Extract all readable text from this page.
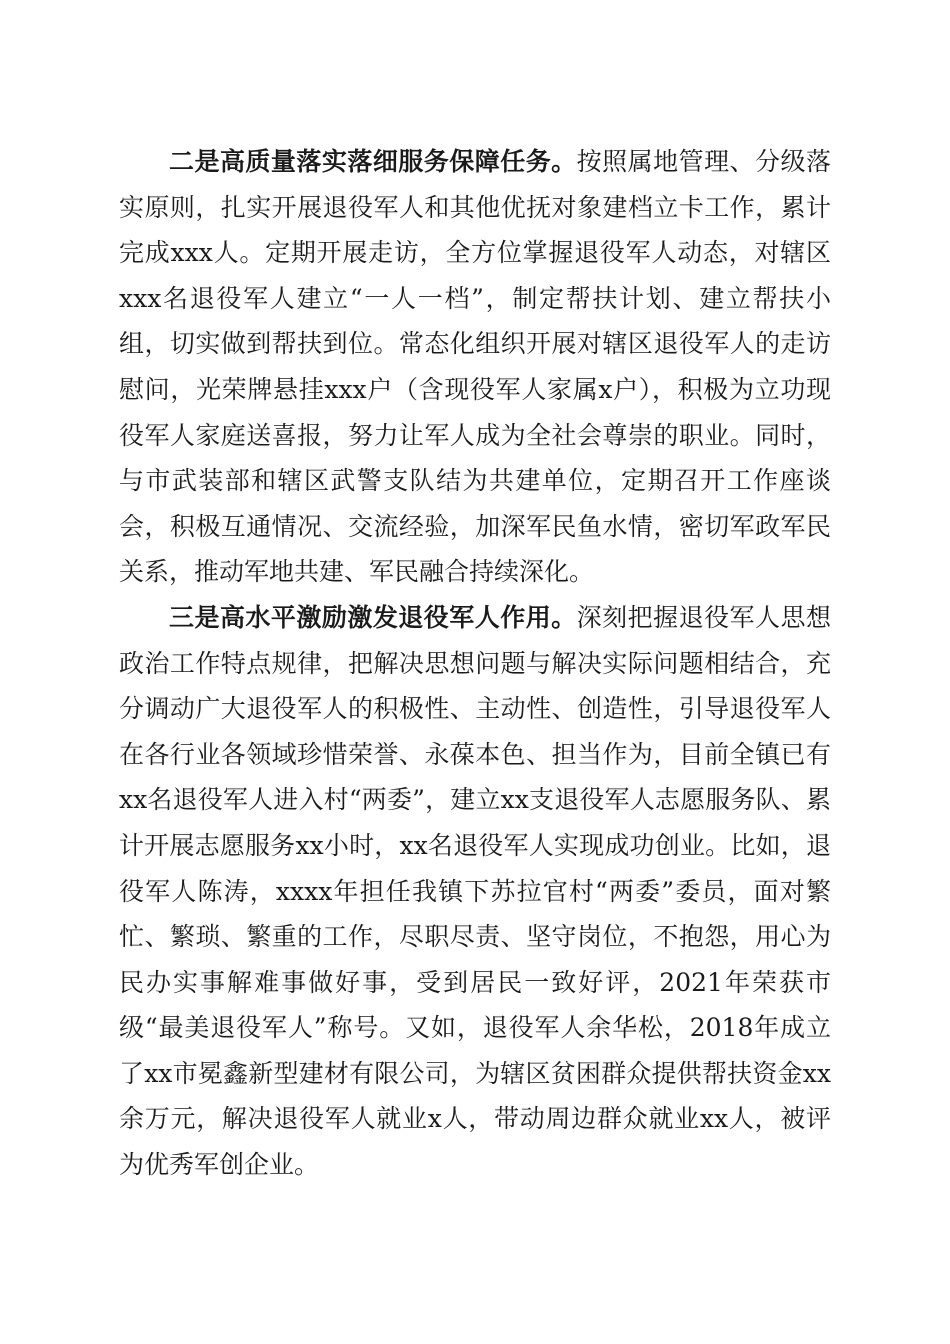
二是高质量落实落细服务保障任务。按照属地管理、分级落实原则，扎实开展退役军人和其他优抚对象建档立卡工作，累计完成xxx人。定期开展走访，全方位掌握退役军人动态，对辖区xxx名退役军人建立“一人一档”，制定帮扶计划、建立帮扶小组，切实做到帮扶到位。常态化组织开展对辖区退役军人的走访慰问，光荣牌悬挂xxx户（含现役军人家属x户），积极为立功现役军人家庭送喜报，努力让军人成为全社会尊崇的职业。同时，与市武装部和辖区武警支队结为共建单位，定期召开工作座谈会，积极互通情况、交流经验，加深军民鱼水情，密切军政军民关系，推动军地共建、军民融合持续深化。

三是高水平激励激发退役军人作用。深刻把握退役军人思想政治工作特点规律，把解决思想问题与解决实际问题相结合，充分调动广大退役军人的积极性、主动性、创造性，引导退役军人在各行业各领域珍惜荣誉、永葆本色、担当作为，目前全镇已有xx名退役军人进入村“两委”，建立xx支退役军人志愿服务队、累计开展志愿服务xx小时，xx名退役军人实现成功创业。比如，退役军人陈涛，xxxx年担任我镇下苏拉官村“两委”委员，面对繁忙、繁琐、繁重的工作，尽职尽责、坚守岗位，不抱怨，用心为民办实事解难事做好事，受到居民一致好评，2021年荣获市级“最美退役军人”称号。又如，退役军人余华松，2018年成立了xx市冕鑫新型建材有限公司，为辖区贫困群众提供帮扶资金xx余万元，解决退役军人就业x人，带动周边群众就业xx人，被评为优秀军创企业。
